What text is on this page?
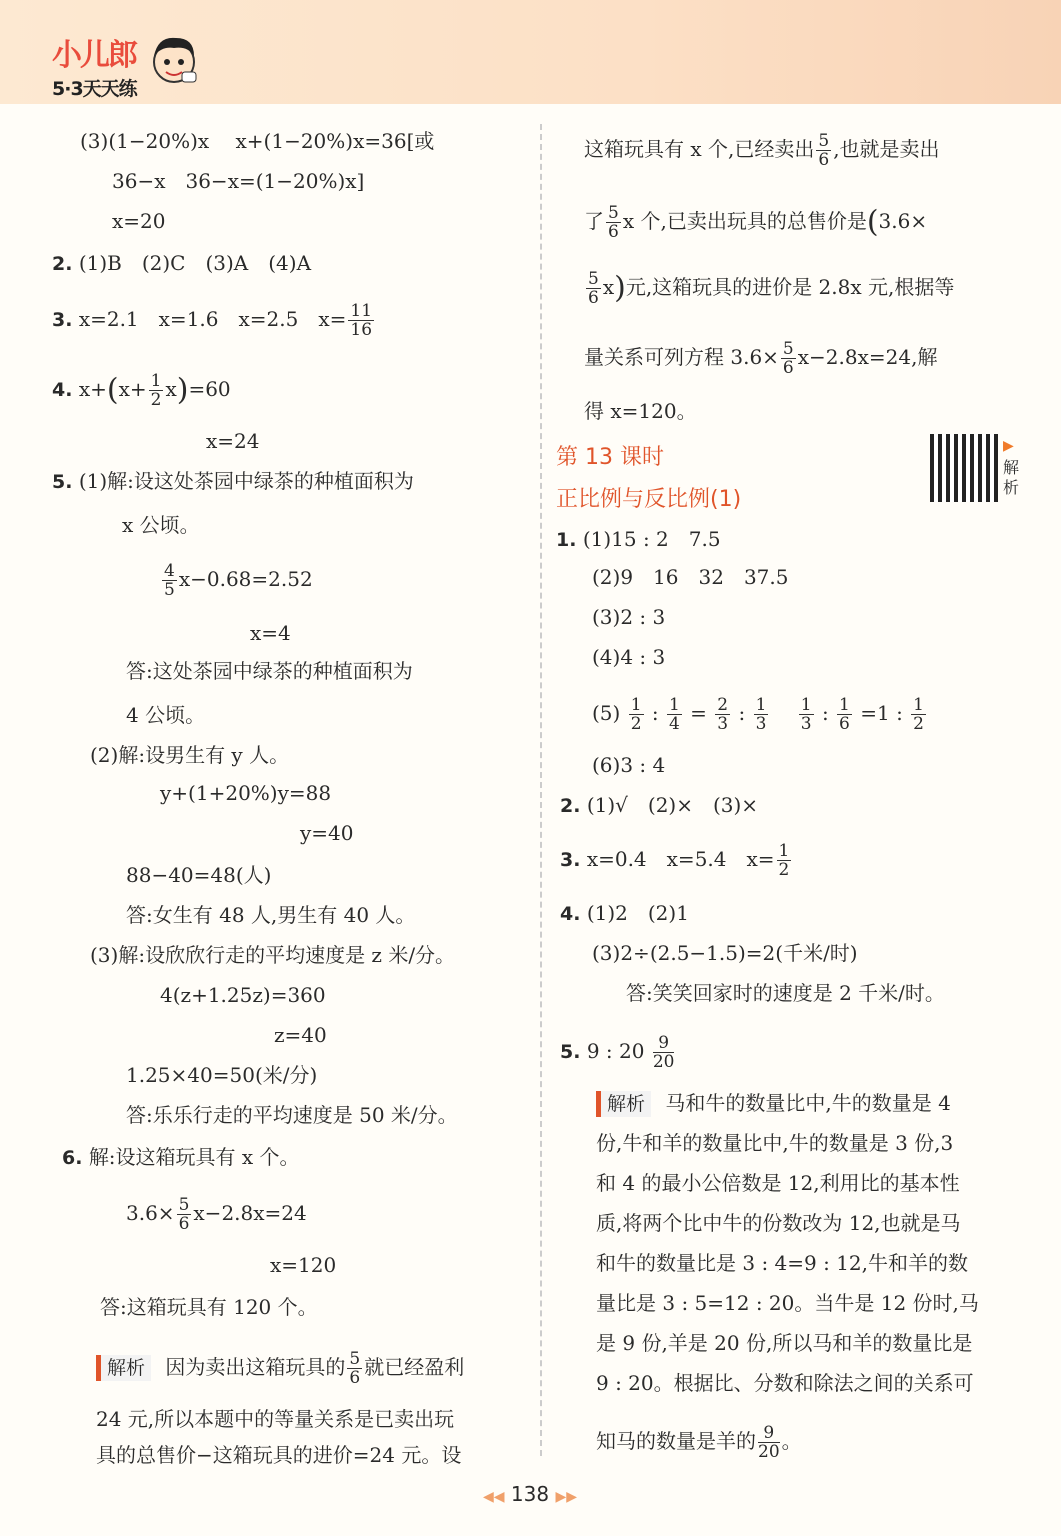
小儿郎
5·3天天练
(3)(1−20%)x　 x+(1−20%)x=36[或
36−x　36−x=(1−20%)x]
x=20
2. (1)B　(2)C　(3)A　(4)A
3. x=2.1　x=1.6　x=2.5　$x= \frac{11}{16}$
4. $x+(x+ \frac{1}{2} x)=60$
x=24
5. (1)解:设这处茶园中绿茶的种植面积为
x 公顷。
$\frac{4}{5} x-0.68=2.52$
x=4
答:这处茶园中绿茶的种植面积为
4 公顷。
(2)解:设男生有 y 人。
y+(1+20%)y=88
y=40
88−40=48(人)
答:女生有 48 人,男生有 40 人。
(3)解:设欣欣行走的平均速度是 z 米/分。
4(z+1.25z)=360
z=40
1.25×40=50(米/分)
答:乐乐行走的平均速度是 50 米/分。
6. 解:设这箱玩具有 x 个。
$3.6\times \frac{5}{6} x-2.8x=24$
x=120
答:这箱玩具有 120 个。
解析 因为卖出这箱玩具的 $\frac{5}{6}$ 就已经盈利
24 元,所以本题中的等量关系是已卖出玩
具的总售价−这箱玩具的进价=24 元。设
这箱玩具有 x 个,已经卖出 $\frac{5}{6}$ ,也就是卖出
了 $\frac{5}{6}$ x 个,已卖出玩具的总售价是(3.6×
$\frac{5}{6} x$)元,这箱玩具的进价是 2.8x 元,根据等
量关系可列方程 $3.6\times \frac{5}{6} x-2.8x=24$,解
得 x=120。
第 13 课时
正比例与反比例(1)
▶
解析
1. (1)15 : 2　7.5
(2)9　16　32　37.5
(3)2 : 3
(4)4 : 3
$(5) \frac{1}{2}$ : $\frac{1}{4} = \frac{2}{3}$ : $\frac{1}{3}$
　 $\frac{1}{3}$ : $\frac{1}{6} =1$ : $\frac{1}{2}$
(6)3 : 4
2. (1)√　(2)×　(3)×
3. x=0.4　x=5.4　$x= \frac{1}{2}$
4. (1)2　(2)1
(3)2÷(2.5−1.5)=2(千米/时)
答:笑笑回家时的速度是 2 千米/时。
5. 9 : $20 \frac{9}{20}$
解析 马和牛的数量比中,牛的数量是 4
份,牛和羊的数量比中,牛的数量是 3 份,3
和 4 的最小公倍数是 12,利用比的基本性
质,将两个比中牛的份数改为 12,也就是马
和牛的数量比是 3 : 4=9 : 12,牛和羊的数
量比是 3 : 5=12 : 20。当牛是 12 份时,马
是 9 份,羊是 20 份,所以马和羊的数量比是
9 : 20。根据比、分数和除法之间的关系可
知马的数量是羊的 $\frac{9}{20}$ 。
◀◀ 138 ▶▶
